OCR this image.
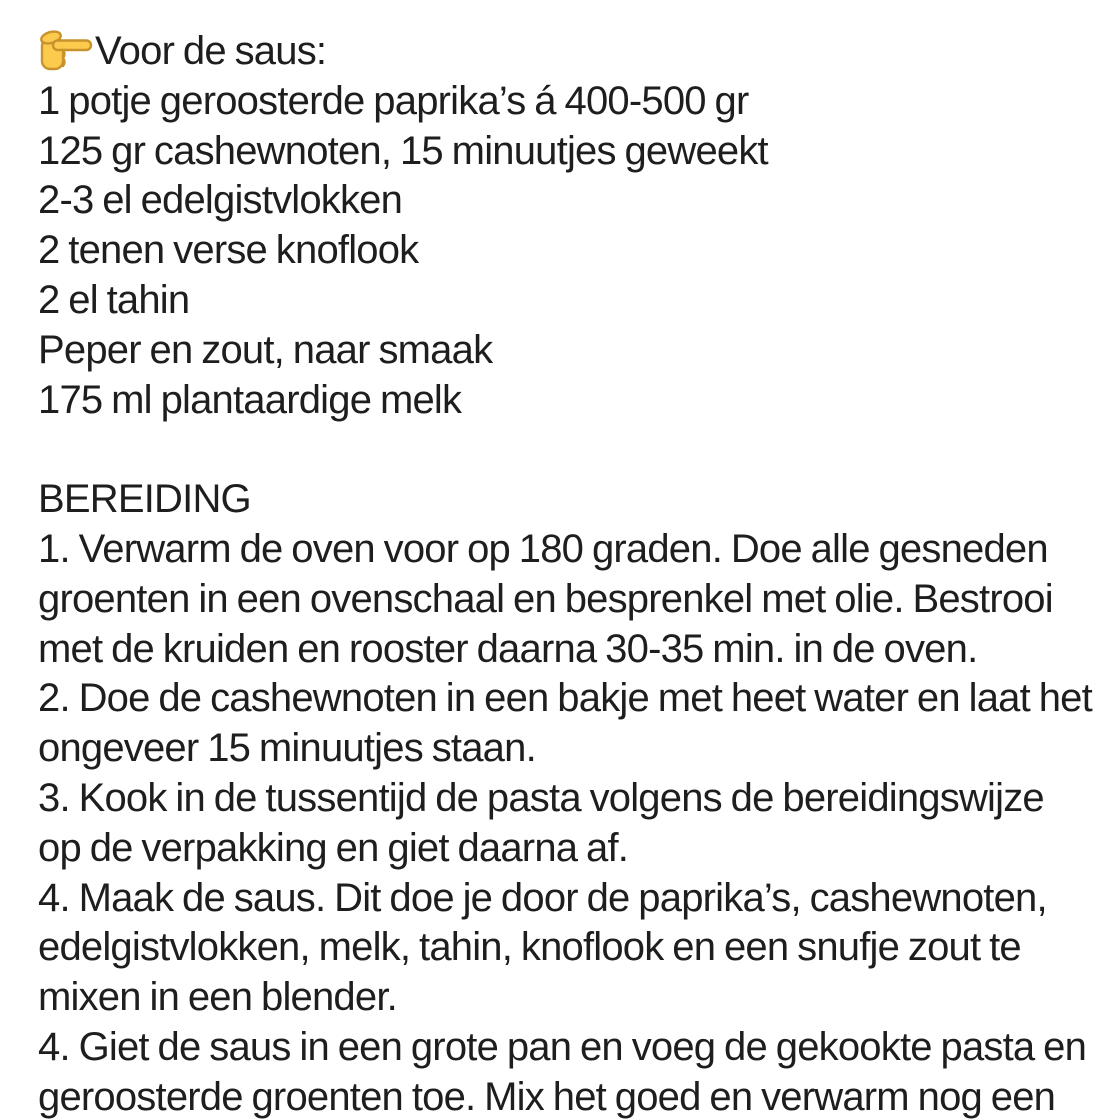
Voor de saus:
1 potje geroosterde paprika’s á 400-500 gr
125 gr cashewnoten, 15 minuutjes geweekt
2-3 el edelgistvlokken
2 tenen verse knoflook
2 el tahin
Peper en zout, naar smaak
175 ml plantaardige melk
BEREIDING
1. Verwarm de oven voor op 180 graden. Doe alle gesneden
groenten in een ovenschaal en besprenkel met olie. Bestrooi
met de kruiden en rooster daarna 30-35 min. in de oven.
2. Doe de cashewnoten in een bakje met heet water en laat het
ongeveer 15 minuutjes staan.
3. Kook in de tussentijd de pasta volgens de bereidingswijze
op de verpakking en giet daarna af.
4. Maak de saus. Dit doe je door de paprika’s, cashewnoten,
edelgistvlokken, melk, tahin, knoflook en een snufje zout te
mixen in een blender.
4. Giet de saus in een grote pan en voeg de gekookte pasta en
geroosterde groenten toe. Mix het goed en verwarm nog een
